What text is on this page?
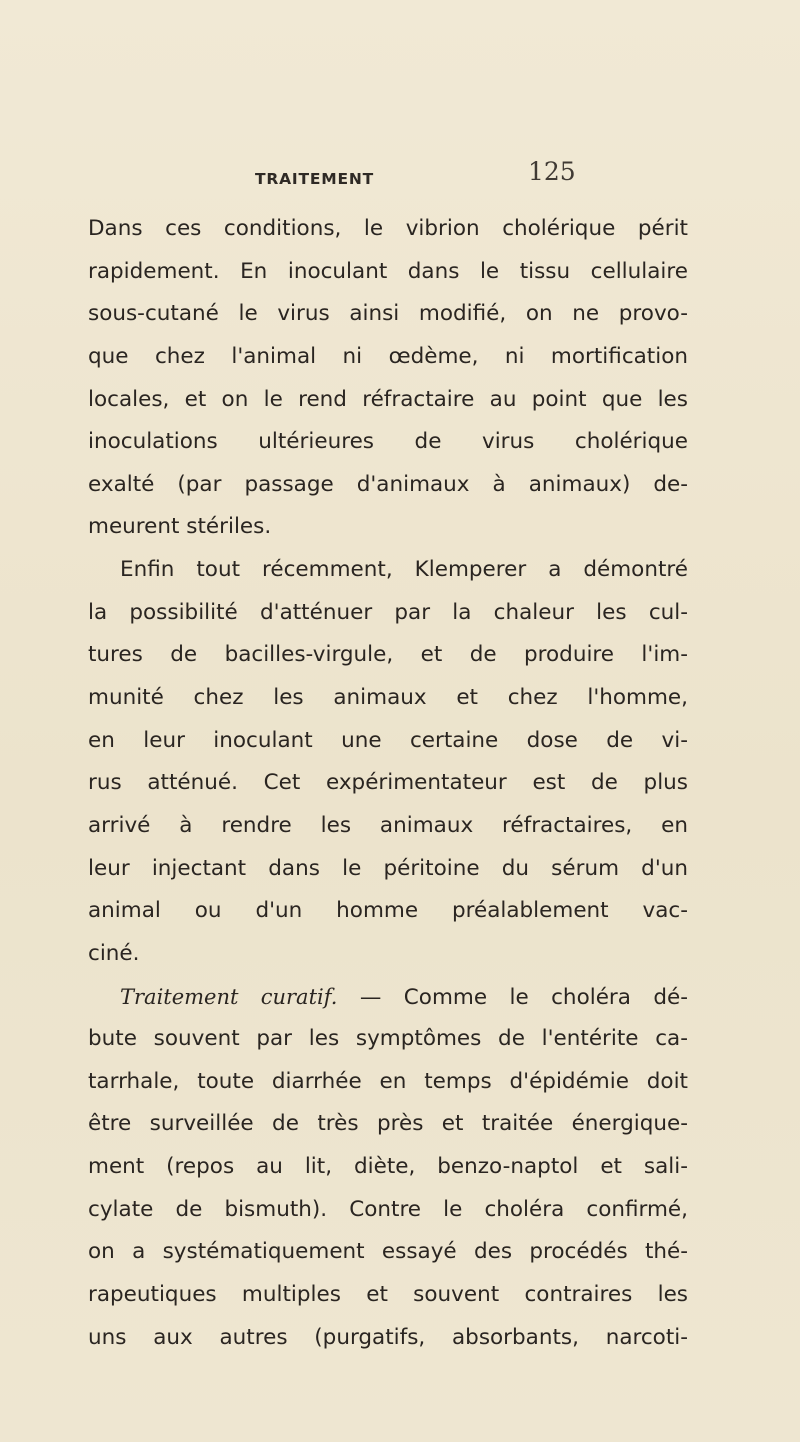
TRAITEMENT	125
Dans ces conditions, le vibrion cholérique périt
rapidement. En inoculant dans le tissu cellulaire
sous-cutané le virus ainsi modifié, on ne provo-
que chez l'animal ni œdème, ni mortification
locales, et on le rend réfractaire au point que les
inoculations ultérieures de virus cholérique
exalté (par passage d'animaux à animaux) de-
meurent stériles.
Enfin tout récemment, Klemperer a démontré
la possibilité d'atténuer par la chaleur les cul-
tures de bacilles-virgule, et de produire l'im-
munité chez les animaux et chez l'homme,
en leur inoculant une certaine dose de vi-
rus atténué. Cet expérimentateur est de plus
arrivé à rendre les animaux réfractaires, en
leur injectant dans le péritoine du sérum d'un
animal ou d'un homme préalablement vac-
ciné.
Traitement curatif. — Comme le choléra dé-
bute souvent par les symptômes de l'entérite ca-
tarrhale, toute diarrhée en temps d'épidémie doit
être surveillée de très près et traitée énergique-
ment (repos au lit, diète, benzo-naptol et sali-
cylate de bismuth). Contre le choléra confirmé,
on a systématiquement essayé des procédés thé-
rapeutiques multiples et souvent contraires les
uns aux autres (purgatifs, absorbants, narcoti-
